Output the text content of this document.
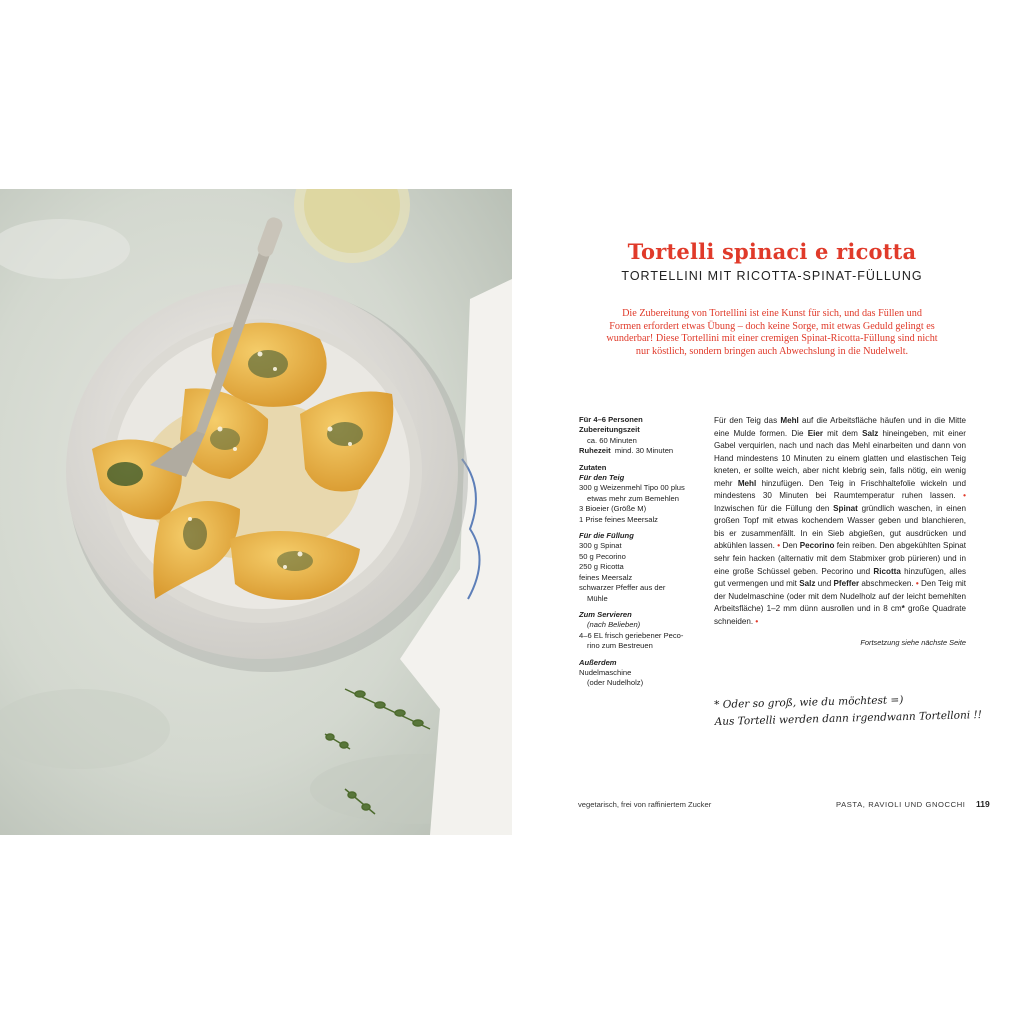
Tortelli spinaci e ricotta
TORTELLINI MIT RICOTTA-SPINAT-FÜLLUNG
Die Zubereitung von Tortellini ist eine Kunst für sich, und das Füllen und
Formen erfordert etwas Übung – doch keine Sorge, mit etwas Geduld gelingt es
wunderbar! Diese Tortellini mit einer cremigen Spinat-Ricotta-Füllung sind nicht
nur köstlich, sondern bringen auch Abwechslung in die Nudelwelt.
Für 4–6 Personen
Zubereitungszeit
ca. 60 Minuten
Ruhezeit mind. 30 Minuten
Zutaten
Für den Teig
300 g Weizenmehl Tipo 00 plus
etwas mehr zum Bemehlen
3 Bioeier (Größe M)
1 Prise feines Meersalz
Für die Füllung
300 g Spinat
50 g Pecorino
250 g Ricotta
feines Meersalz
schwarzer Pfeffer aus der
Mühle
Zum Servieren
(nach Belieben)
4–6 EL frisch geriebener Peco-
rino zum Bestreuen
Außerdem
Nudelmaschine
(oder Nudelholz)

Für den Teig das Mehl auf die Arbeitsfläche häufen und in die Mitte eine Mulde formen. Die Eier mit dem Salz hineingeben, mit einer Gabel verquirlen, nach und nach das Mehl einarbeiten und dann von Hand mindestens 10 Minuten zu einem glatten und elastischen Teig kneten, er sollte weich, aber nicht klebrig sein, falls nötig, ein wenig mehr Mehl hinzufügen. Den Teig in Frischhaltefolie wickeln und mindestens 30 Minuten bei Raumtemperatur ruhen lassen. • Inzwischen für die Füllung den Spinat gründlich waschen, in einen großen Topf mit etwas kochendem Wasser geben und blanchieren, bis er zusammenfällt. In ein Sieb abgießen, gut ausdrücken und abkühlen lassen. • Den Pecorino fein reiben. Den abgekühlten Spinat sehr fein hacken (alternativ mit dem Stabmixer grob pürieren) und in eine große Schüssel geben. Pecorino und Ricotta hinzufügen, alles gut vermengen und mit Salz und Pfeffer abschmecken. • Den Teig mit der Nudelmaschine (oder mit dem Nudelholz auf der leicht bemehlten Arbeitsfläche) 1–2 mm dünn ausrollen und in 8 cm* große Quadrate schneiden. •

Fortsetzung siehe nächste Seite
* Oder so groß, wie du möchtest =)
Aus Tortelli werden dann irgendwann Tortelloni !!
vegetarisch, frei von raffiniertem Zucker	PASTA, RAVIOLI UND GNOCCHI 119
